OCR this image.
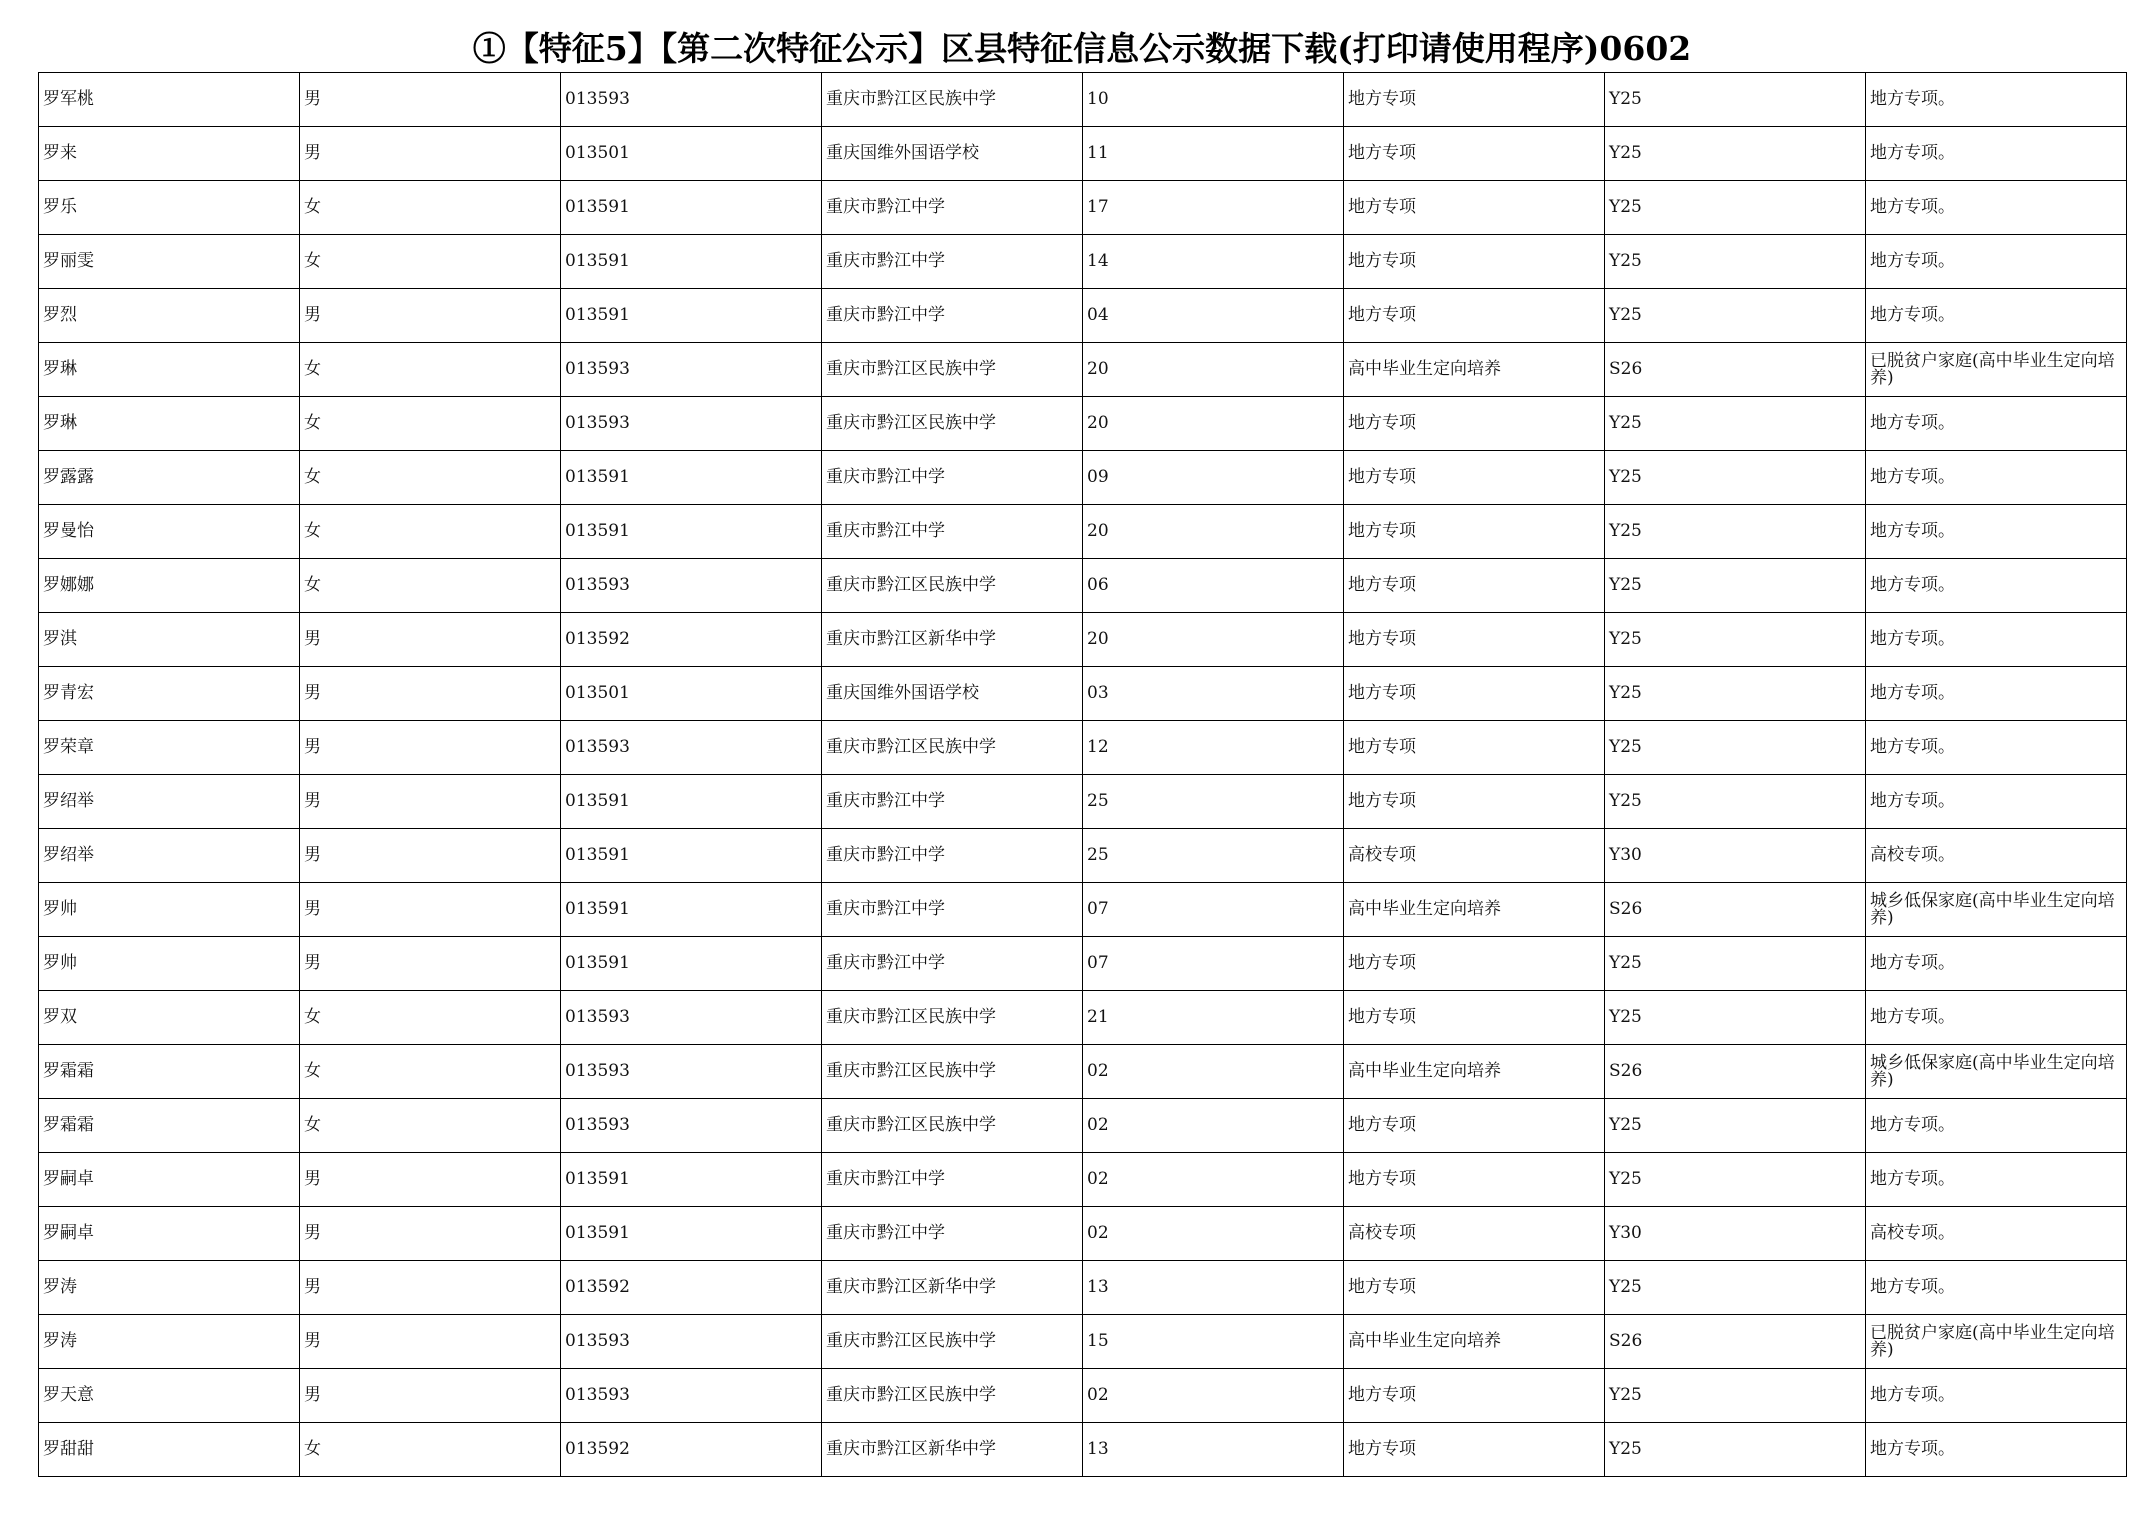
①【特征5】【第二次特征公示】区县特征信息公示数据下载(打印请使用程序)0602
罗军桃	男	013593	重庆市黔江区民族中学	10	地方专项	Y25	地方专项。
罗来	男	013501	重庆国维外国语学校	11	地方专项	Y25	地方专项。
罗乐	女	013591	重庆市黔江中学	17	地方专项	Y25	地方专项。
罗丽雯	女	013591	重庆市黔江中学	14	地方专项	Y25	地方专项。
罗烈	男	013591	重庆市黔江中学	04	地方专项	Y25	地方专项。
罗琳	女	013593	重庆市黔江区民族中学	20	高中毕业生定向培养	S26	已脱贫户家庭(高中毕业生定向培养)
罗琳	女	013593	重庆市黔江区民族中学	20	地方专项	Y25	地方专项。
罗露露	女	013591	重庆市黔江中学	09	地方专项	Y25	地方专项。
罗曼怡	女	013591	重庆市黔江中学	20	地方专项	Y25	地方专项。
罗娜娜	女	013593	重庆市黔江区民族中学	06	地方专项	Y25	地方专项。
罗淇	男	013592	重庆市黔江区新华中学	20	地方专项	Y25	地方专项。
罗青宏	男	013501	重庆国维外国语学校	03	地方专项	Y25	地方专项。
罗荣章	男	013593	重庆市黔江区民族中学	12	地方专项	Y25	地方专项。
罗绍举	男	013591	重庆市黔江中学	25	地方专项	Y25	地方专项。
罗绍举	男	013591	重庆市黔江中学	25	高校专项	Y30	高校专项。
罗帅	男	013591	重庆市黔江中学	07	高中毕业生定向培养	S26	城乡低保家庭(高中毕业生定向培养)
罗帅	男	013591	重庆市黔江中学	07	地方专项	Y25	地方专项。
罗双	女	013593	重庆市黔江区民族中学	21	地方专项	Y25	地方专项。
罗霜霜	女	013593	重庆市黔江区民族中学	02	高中毕业生定向培养	S26	城乡低保家庭(高中毕业生定向培养)
罗霜霜	女	013593	重庆市黔江区民族中学	02	地方专项	Y25	地方专项。
罗嗣卓	男	013591	重庆市黔江中学	02	地方专项	Y25	地方专项。
罗嗣卓	男	013591	重庆市黔江中学	02	高校专项	Y30	高校专项。
罗涛	男	013592	重庆市黔江区新华中学	13	地方专项	Y25	地方专项。
罗涛	男	013593	重庆市黔江区民族中学	15	高中毕业生定向培养	S26	已脱贫户家庭(高中毕业生定向培养)
罗天意	男	013593	重庆市黔江区民族中学	02	地方专项	Y25	地方专项。
罗甜甜	女	013592	重庆市黔江区新华中学	13	地方专项	Y25	地方专项。
